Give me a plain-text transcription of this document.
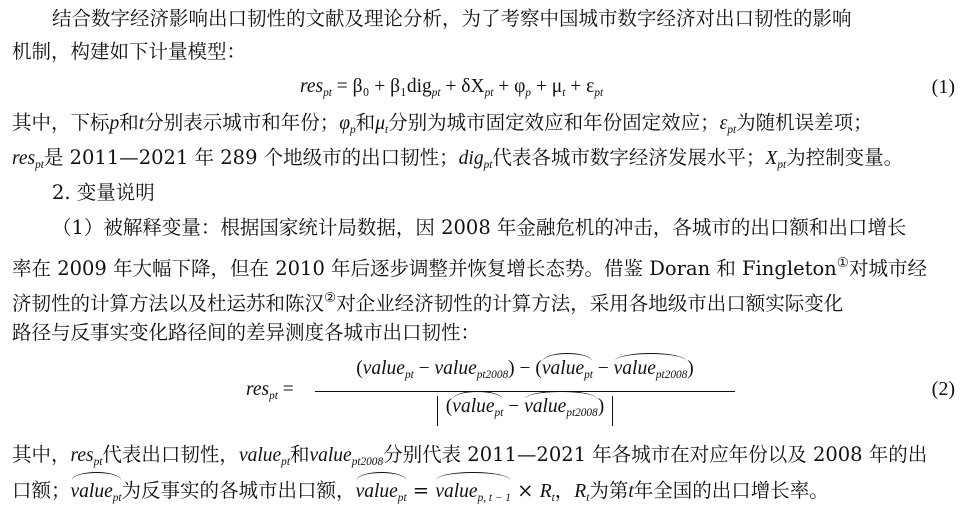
结合数字经济影响出口韧性的文献及理论分析，为了考察中国城市数字经济对出口韧性的影响
机制，构建如下计量模型：
$res_{pt} = \beta_0 + \beta_1dig_{pt} + \delta X_{pt} + \varphi_p + \mu_t + \varepsilon_{pt}$	(1)
其中，下标p和t分别表示城市和年份；$\varphi_p$和$\mu_t$分别为城市固定效应和年份固定效应；$\varepsilon_{pt}$为随机误差项；
res$_{pt}$是 2011—2021 年 289 个地级市的出口韧性；dig$_{pt}$代表各城市数字经济发展水平；$X_{pt}$为控制变量。
2. 变量说明
（1）被解释变量：根据国家统计局数据，因 2008 年金融危机的冲击，各城市的出口额和出口增长
率在 2009 年大幅下降，但在 2010 年后逐步调整并恢复增长态势。借鉴 Doran 和 Fingleton①对城市经
济韧性的计算方法以及杜运苏和陈汉②对企业经济韧性的计算方法，采用各地级市出口额实际变化
路径与反事实变化路径间的差异测度各城市出口韧性：
res$_{pt}$ =
(value$_{pt}$ − value$_{pt2008}$) − (value$_{pt}$ − value$_{pt2008}$)
(value$_{pt}$ − value$_{pt2008}$)
(2)
其中，res$_{pt}$代表出口韧性，value$_{pt}$和value$_{pt2008}$分别代表 2011—2021 年各城市在对应年份以及 2008 年的出
口额；value$_{pt}$为反事实的各城市出口额，value$_{pt}$ = value$_{p, t - 1}$ × $R_t$，$R_t$为第t年全国的出口增长率。
